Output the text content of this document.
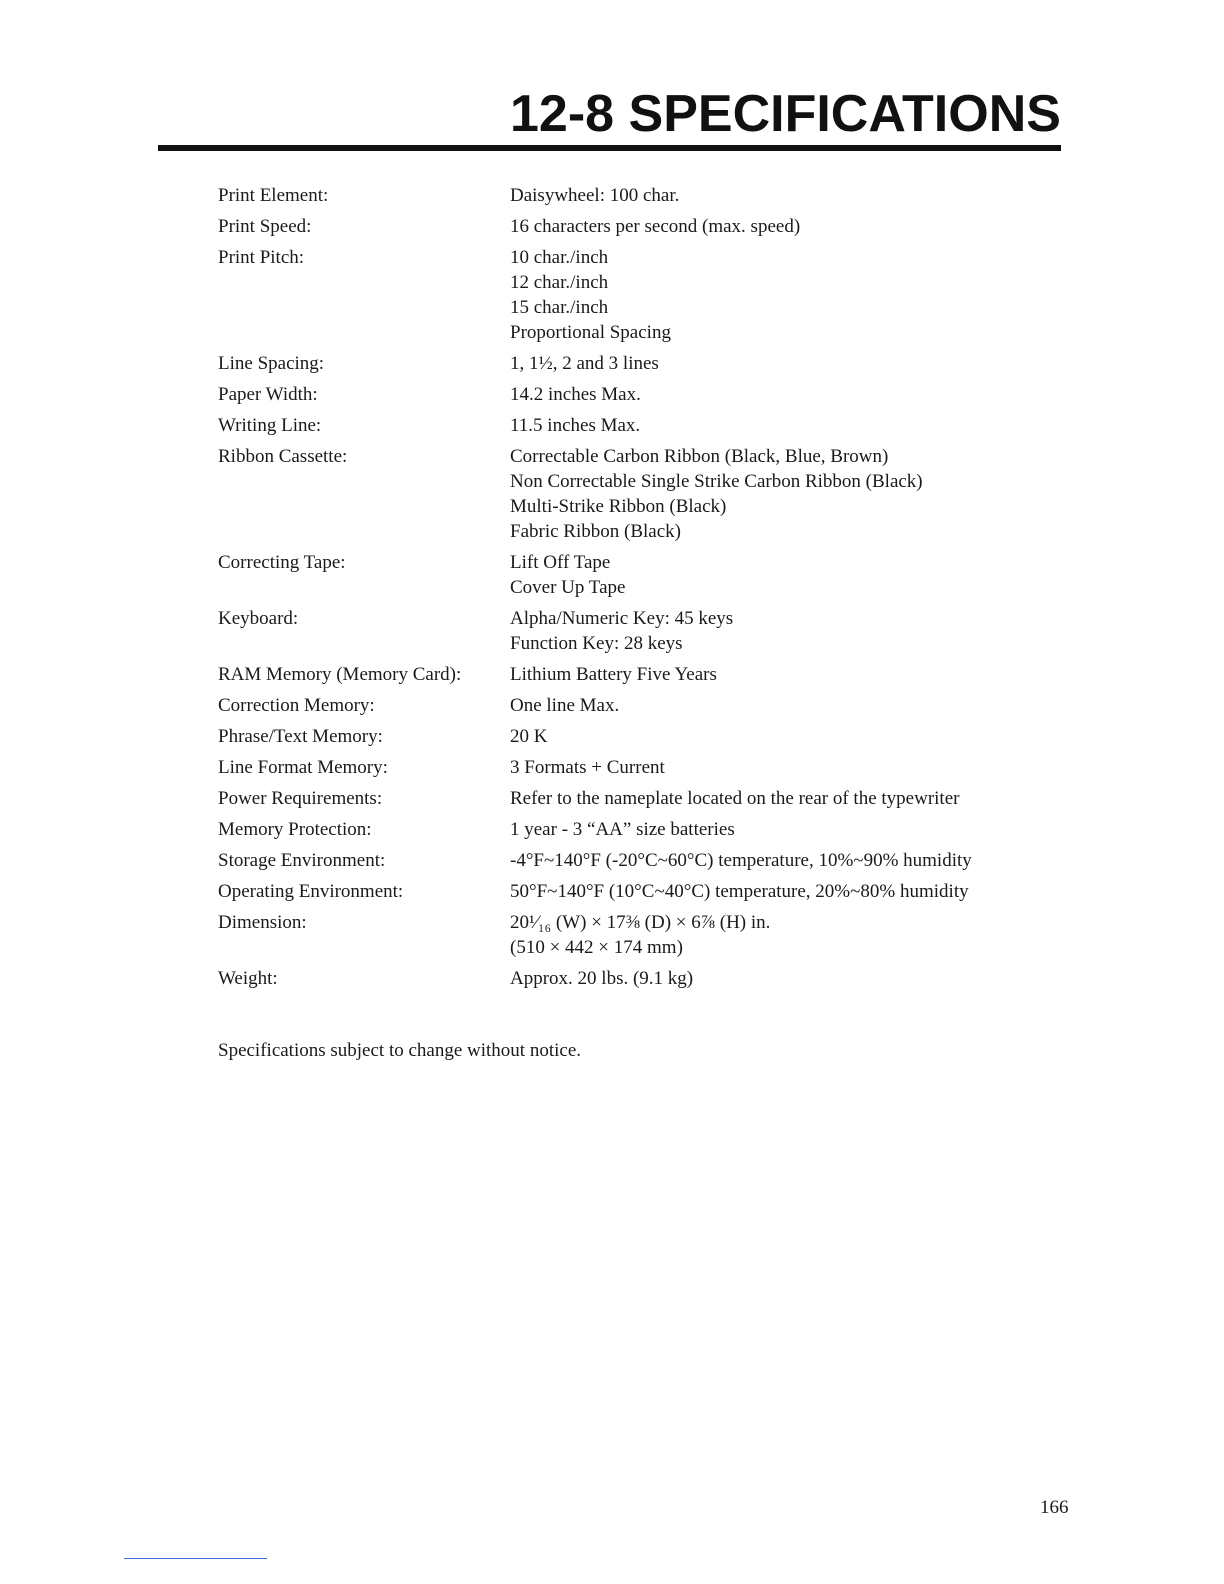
12-8 SPECIFICATIONS
Print Element:	Daisywheel: 100 char.
Print Speed:	16 characters per second (max. speed)
Print Pitch:	10 char./inch
12 char./inch
15 char./inch
Proportional Spacing
Line Spacing:	1, 1½, 2 and 3 lines
Paper Width:	14.2 inches Max.
Writing Line:	11.5 inches Max.
Ribbon Cassette:	Correctable Carbon Ribbon (Black, Blue, Brown)
Non Correctable Single Strike Carbon Ribbon (Black)
Multi-Strike Ribbon (Black)
Fabric Ribbon (Black)
Correcting Tape:	Lift Off Tape
Cover Up Tape
Keyboard:	Alpha/Numeric Key: 45 keys
Function Key: 28 keys
RAM Memory (Memory Card):	Lithium Battery Five Years
Correction Memory:	One line Max.
Phrase/Text Memory:	20 K
Line Format Memory:	3 Formats + Current
Power Requirements:	Refer to the nameplate located on the rear of the typewriter
Memory Protection:	1 year - 3 “AA” size batteries
Storage Environment:	-4°F~140°F (-20°C~60°C) temperature, 10%~90% humidity
Operating Environment:	50°F~140°F (10°C~40°C) temperature, 20%~80% humidity
Dimension:	20¹⁄₁₆ (W) × 17⅜ (D) × 6⅞ (H) in.
(510 × 442 × 174 mm)
Weight:	Approx. 20 lbs. (9.1 kg)
Specifications subject to change without notice.
166
